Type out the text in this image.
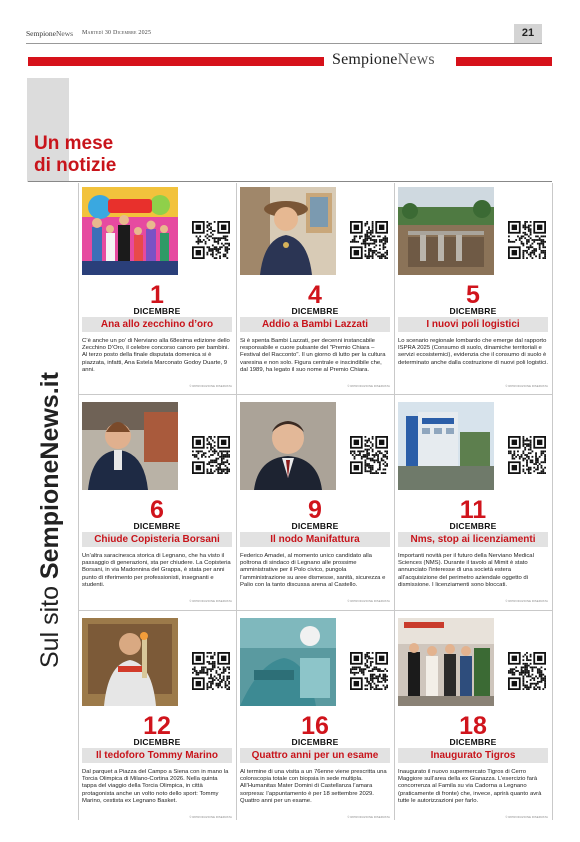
SempioneNews Martedì 30 Dicembre 2025	21
SempioneNews
Un mese
di notizie
Sul sito SempioneNews.it
1
DICEMBRE
Ana allo zecchino d’oro
C’è anche un po’ di Nerviano alla 68esima edizione dello Zecchino D’Oro, il celebre concorso canoro per bambini. Al terzo posto della finale disputata domenica si è piazzata, infatti, Ana Estela Marconato Godoy Duarte, 9 anni.
© RIPRODUZIONE RISERVATA
4
DICEMBRE
Addio a Bambi Lazzati
Si è spenta Bambi Lazzati, per decenni instancabile responsabile e cuore pulsante del "Premio Chiara – Festival del Racconto". Il un giorno di lutto per la cultura varesina e non solo. Figura centrale e inscindibile che, dal 1989, ha legato il suo nome al Premio Chiara.
© RIPRODUZIONE RISERVATA
5
DICEMBRE
I nuovi poli logistici
Lo scenario regionale lombardo che emerge dal rapporto ISPRA 2025 (Consumo di suolo, dinamiche territoriali e servizi ecosistemici), evidenzia che il consumo di suolo è determinato anche dalla costruzione di nuovi poli logistici.
© RIPRODUZIONE RISERVATA
6
DICEMBRE
Chiude Copisteria Borsani
Un’altra saracinesca storica di Legnano, che ha visto il passaggio di generazioni, sta per chiudere. La Copisteria Borsani, in via Madonnina del Grappa, è stata per anni punto di riferimento per professionisti, insegnanti e studenti.
© RIPRODUZIONE RISERVATA
9
DICEMBRE
Il nodo Manifattura
Federico Amadei, al momento unico candidato alla poltrona di sindaco di Legnano alle prossime amministrative per il Polo civico, pungola l’amministrazione su aree dismesse, sanità, sicurezza e Palio con la tanto discussa arena al Castello.
© RIPRODUZIONE RISERVATA
11
DICEMBRE
Nms, stop ai licenziamenti
Importanti novità per il futuro della Nerviano Medical Sciences (NMS). Durante il tavolo al Mimit è stato annunciato l’interesse di una società estera all’acquisizione del perimetro aziendale oggetto di dismissione. I licenziamenti sono bloccati.
© RIPRODUZIONE RISERVATA
12
DICEMBRE
Il tedoforo Tommy Marino
Dal parquet a Piazza del Campo a Siena con in mano la Torcia Olimpica di Milano-Cortina 2026. Nella quinta tappa del viaggio della Torcia Olimpica, in città protagonista anche un volto noto dello sport: Tommy Marino, cestista ex Legnano Basket.
© RIPRODUZIONE RISERVATA
16
DICEMBRE
Quattro anni per un esame
Al termine di una visita a un 76enne viene prescritta una colonscopia totale con biopsia in sede multipla. All’Humanitas Mater Domini di Castellanza l’amara sorpresa: l’appuntamento è per 18 settembre 2029. Quattro anni per un esame.
© RIPRODUZIONE RISERVATA
18
DICEMBRE
Inaugurato Tigros
Inaugurato il nuovo supermercato Tigros di Cerro Maggiore sull’area della ex Gianazza. L’esercizio farà concorrenza al Famila su via Cadorna a Legnano (praticamente di fronte) che, invece, aprirà quanto avrà tutte le autorizzazioni per farlo.
© RIPRODUZIONE RISERVATA
